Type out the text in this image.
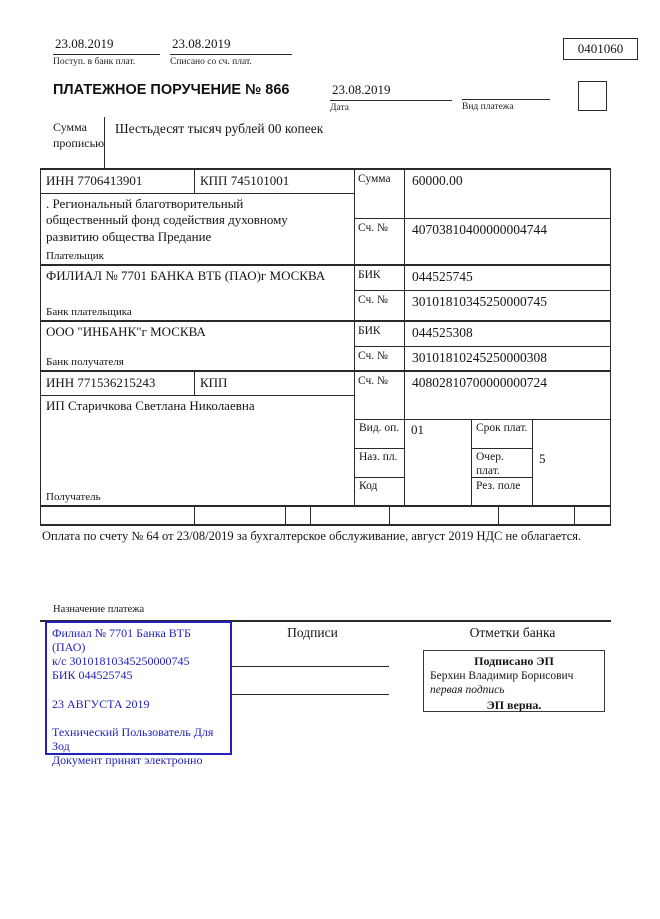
23.08.2019
Поступ. в банк плат.
23.08.2019
Списано со сч. плат.
0401060
ПЛАТЕЖНОЕ ПОРУЧЕНИЕ № 866	23.08.2019
Дата	Вид платежа
Сумма прописью
Шестьдесят тысяч рублей 00 копеек
ИНН 7706413901	КПП 745101001
. Региональный благотворительный общественный фонд содействия духовному развитию общества Предание
Плательщик
Сумма	60000.00
Сч. №	40703810400000004744
ФИЛИАЛ № 7701 БАНКА ВТБ (ПАО)г МОСКВА
Банк плательщика
БИК	044525745
Сч. №	30101810345250000745
ООО "ИНБАНК"г МОСКВА
Банк получателя
БИК	044525308
Сч. №	30101810245250000308
ИНН 771536215243	КПП
ИП Старичкова Светлана Николаевна
Получатель
Сч. №	40802810700000000724
Вид. оп. 01	Срок плат.
Наз. пл.	Очер. плат.
5
Код	Рез. поле
Оплата по счету № 64 от 23/08/2019 за бухгалтерское обслуживание, август 2019 НДС не облагается.
Назначение платежа
Филиал № 7701 Банка ВТБ (ПАО)
к/с 30101810345250000745
БИК 044525745
23 АВГУСТА 2019
Технический Пользователь Для
Зод
Документ принят электронно
Подписи	Отметки банка
Подписано ЭП
Берхин Владимир Борисович
первая подпись
ЭП верна.
